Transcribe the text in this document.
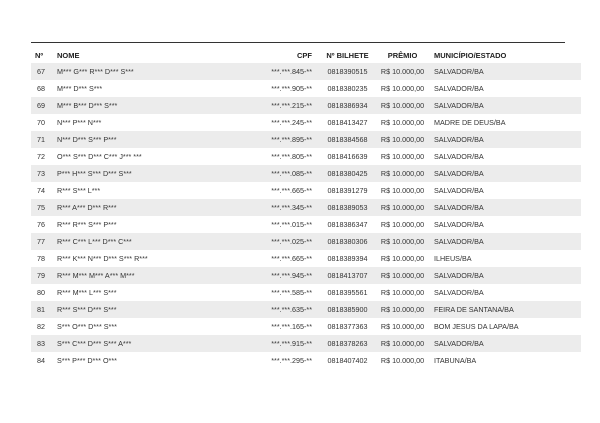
Nº	NOME	CPF	Nº BILHETE	PRÊMIO	MUNICÍPIO/ESTADO
67	M*** G*** R*** D*** S***	***.***.845-**	0818390515	R$ 10.000,00	SALVADOR/BA
68	M*** D*** S***	***.***.905-**	0818380235	R$ 10.000,00	SALVADOR/BA
69	M*** B*** D*** S***	***.***.215-**	0818386934	R$ 10.000,00	SALVADOR/BA
70	N*** P*** N***	***.***.245-**	0818413427	R$ 10.000,00	MADRE DE DEUS/BA
71	N*** D*** S*** P***	***.***.895-**	0818384568	R$ 10.000,00	SALVADOR/BA
72	O*** S*** D*** C*** J*** ***	***.***.805-**	0818416639	R$ 10.000,00	SALVADOR/BA
73	P*** H*** S*** D*** S***	***.***.085-**	0818380425	R$ 10.000,00	SALVADOR/BA
74	R*** S*** L***	***.***.665-**	0818391279	R$ 10.000,00	SALVADOR/BA
75	R*** A*** D*** R***	***.***.345-**	0818389053	R$ 10.000,00	SALVADOR/BA
76	R*** R*** S*** P***	***.***.015-**	0818386347	R$ 10.000,00	SALVADOR/BA
77	R*** C*** L*** D*** C***	***.***.025-**	0818380306	R$ 10.000,00	SALVADOR/BA
78	R*** K*** N*** D*** S*** R***	***.***.665-**	0818389394	R$ 10.000,00	ILHEUS/BA
79	R*** M*** M*** A*** M***	***.***.945-**	0818413707	R$ 10.000,00	SALVADOR/BA
80	R*** M*** L*** S***	***.***.585-**	0818395561	R$ 10.000,00	SALVADOR/BA
81	R*** S*** D*** S***	***.***.635-**	0818385900	R$ 10.000,00	FEIRA DE SANTANA/BA
82	S*** O*** D*** S***	***.***.165-**	0818377363	R$ 10.000,00	BOM JESUS DA LAPA/BA
83	S*** C*** D*** S*** A***	***.***.915-**	0818378263	R$ 10.000,00	SALVADOR/BA
84	S*** P*** D*** O***	***.***.295-**	0818407402	R$ 10.000,00	ITABUNA/BA
